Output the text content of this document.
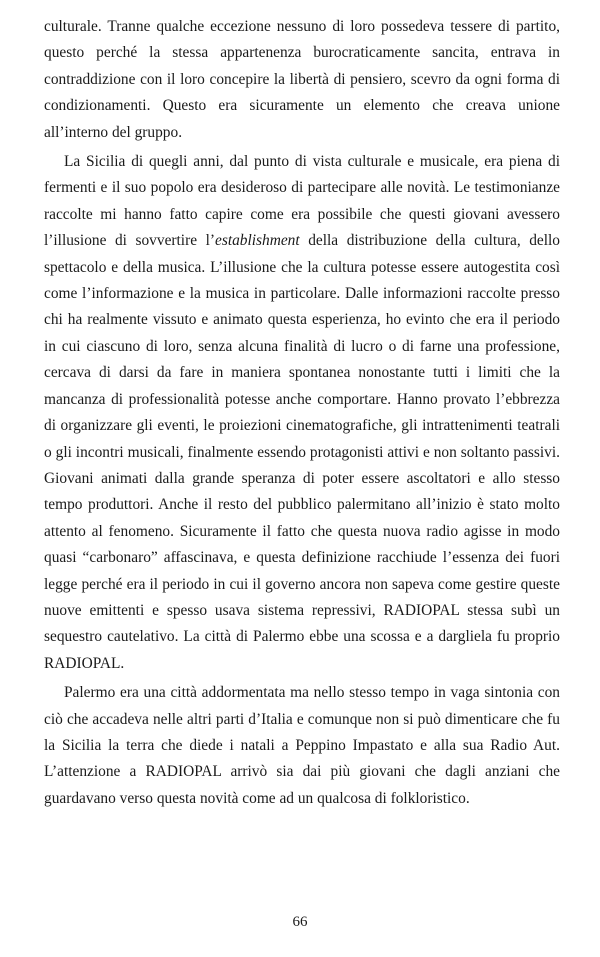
culturale. Tranne qualche eccezione nessuno di loro possedeva tessere di partito, questo perché la stessa appartenenza burocraticamente sancita, entrava in contraddizione con il loro concepire la libertà di pensiero, scevro da ogni forma di condizionamenti. Questo era sicuramente un elemento che creava unione all’interno del gruppo.

La Sicilia di quegli anni, dal punto di vista culturale e musicale, era piena di fermenti e il suo popolo era desideroso di partecipare alle novità. Le testimonianze raccolte mi hanno fatto capire come era possibile che questi giovani avessero l’illusione di sovvertire l’establishment della distribuzione della cultura, dello spettacolo e della musica. L’illusione che la cultura potesse essere autogestita così come l’informazione e la musica in particolare. Dalle informazioni raccolte presso chi ha realmente vissuto e animato questa esperienza, ho evinto che era il periodo in cui ciascuno di loro, senza alcuna finalità di lucro o di farne una professione, cercava di darsi da fare in maniera spontanea nonostante tutti i limiti che la mancanza di professionalità potesse anche comportare. Hanno provato l’ebbrezza di organizzare gli eventi, le proiezioni cinematografiche, gli intrattenimenti teatrali o gli incontri musicali, finalmente essendo protagonisti attivi e non soltanto passivi. Giovani animati dalla grande speranza di poter essere ascoltatori e allo stesso tempo produttori. Anche il resto del pubblico palermitano all’inizio è stato molto attento al fenomeno. Sicuramente il fatto che questa nuova radio agisse in modo quasi “carbonaro” affascinava, e questa definizione racchiude l’essenza dei fuori legge perché era il periodo in cui il governo ancora non sapeva come gestire queste nuove emittenti e spesso usava sistema repressivi, RADIOPAL stessa subì un sequestro cautelativo. La città di Palermo ebbe una scossa e a dargliela fu proprio RADIOPAL.

Palermo era una città addormentata ma nello stesso tempo in vaga sintonia con ciò che accadeva nelle altri parti d’Italia e comunque non si può dimenticare che fu la Sicilia la terra che diede i natali a Peppino Impastato e alla sua Radio Aut. L’attenzione a RADIOPAL arrivò sia dai più giovani che dagli anziani che guardavano verso questa novità come ad un qualcosa di folkloristico.

66
